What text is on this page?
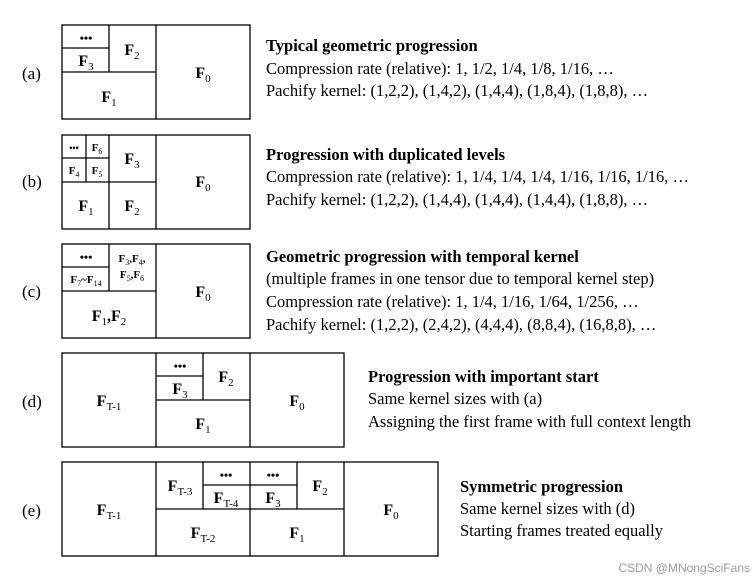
(a)
•••
$F_3$
$F_2$
$F_1$
$F_0$
Typical geometric progression
Compression rate (relative): 1, 1/2, 1/4, 1/8, 1/16, …
Pachify kernel: (1,2,2), (1,4,2), (1,4,4), (1,8,4), (1,8,8), …
(b)
••• $F_6$
$F_4$ $F_5$
$F_3$
$F_1$ $F_2$
$F_0$
Progression with duplicated levels
Compression rate (relative): 1, 1/4, 1/4, 1/4, 1/16, 1/16, 1/16, …
Pachify kernel: (1,2,2), (1,4,4), (1,4,4), (1,4,4), (1,8,8), …
(c)
•••
$F_7\sim F_{14}$
$F_3,F_4$,
$F_5,F_6$
$F_1,F_2$
$F_0$
Geometric progression with temporal kernel
(multiple frames in one tensor due to temporal kernel step)
Compression rate (relative): 1, 1/4, 1/16, 1/64, 1/256, …
Pachify kernel: (1,2,2), (2,4,2), (4,4,4), (8,8,4), (16,8,8), …
(d)	$F_{T-1}$
•••
$F_3$
$F_2$
$F_1$
$F_0$
Progression with important start
Same kernel sizes with (a)
Assigning the first frame with full context length
(e)	$F_{T-1}$
$F_{T-3}$
•••
$F_{T-4}$
•••
$F_3$
$F_2$
$F_{T-2}$	$F_1$
$F_0$
Symmetric progression
Same kernel sizes with (d)
Starting frames treated equally
CSDN @MNongSciFans
